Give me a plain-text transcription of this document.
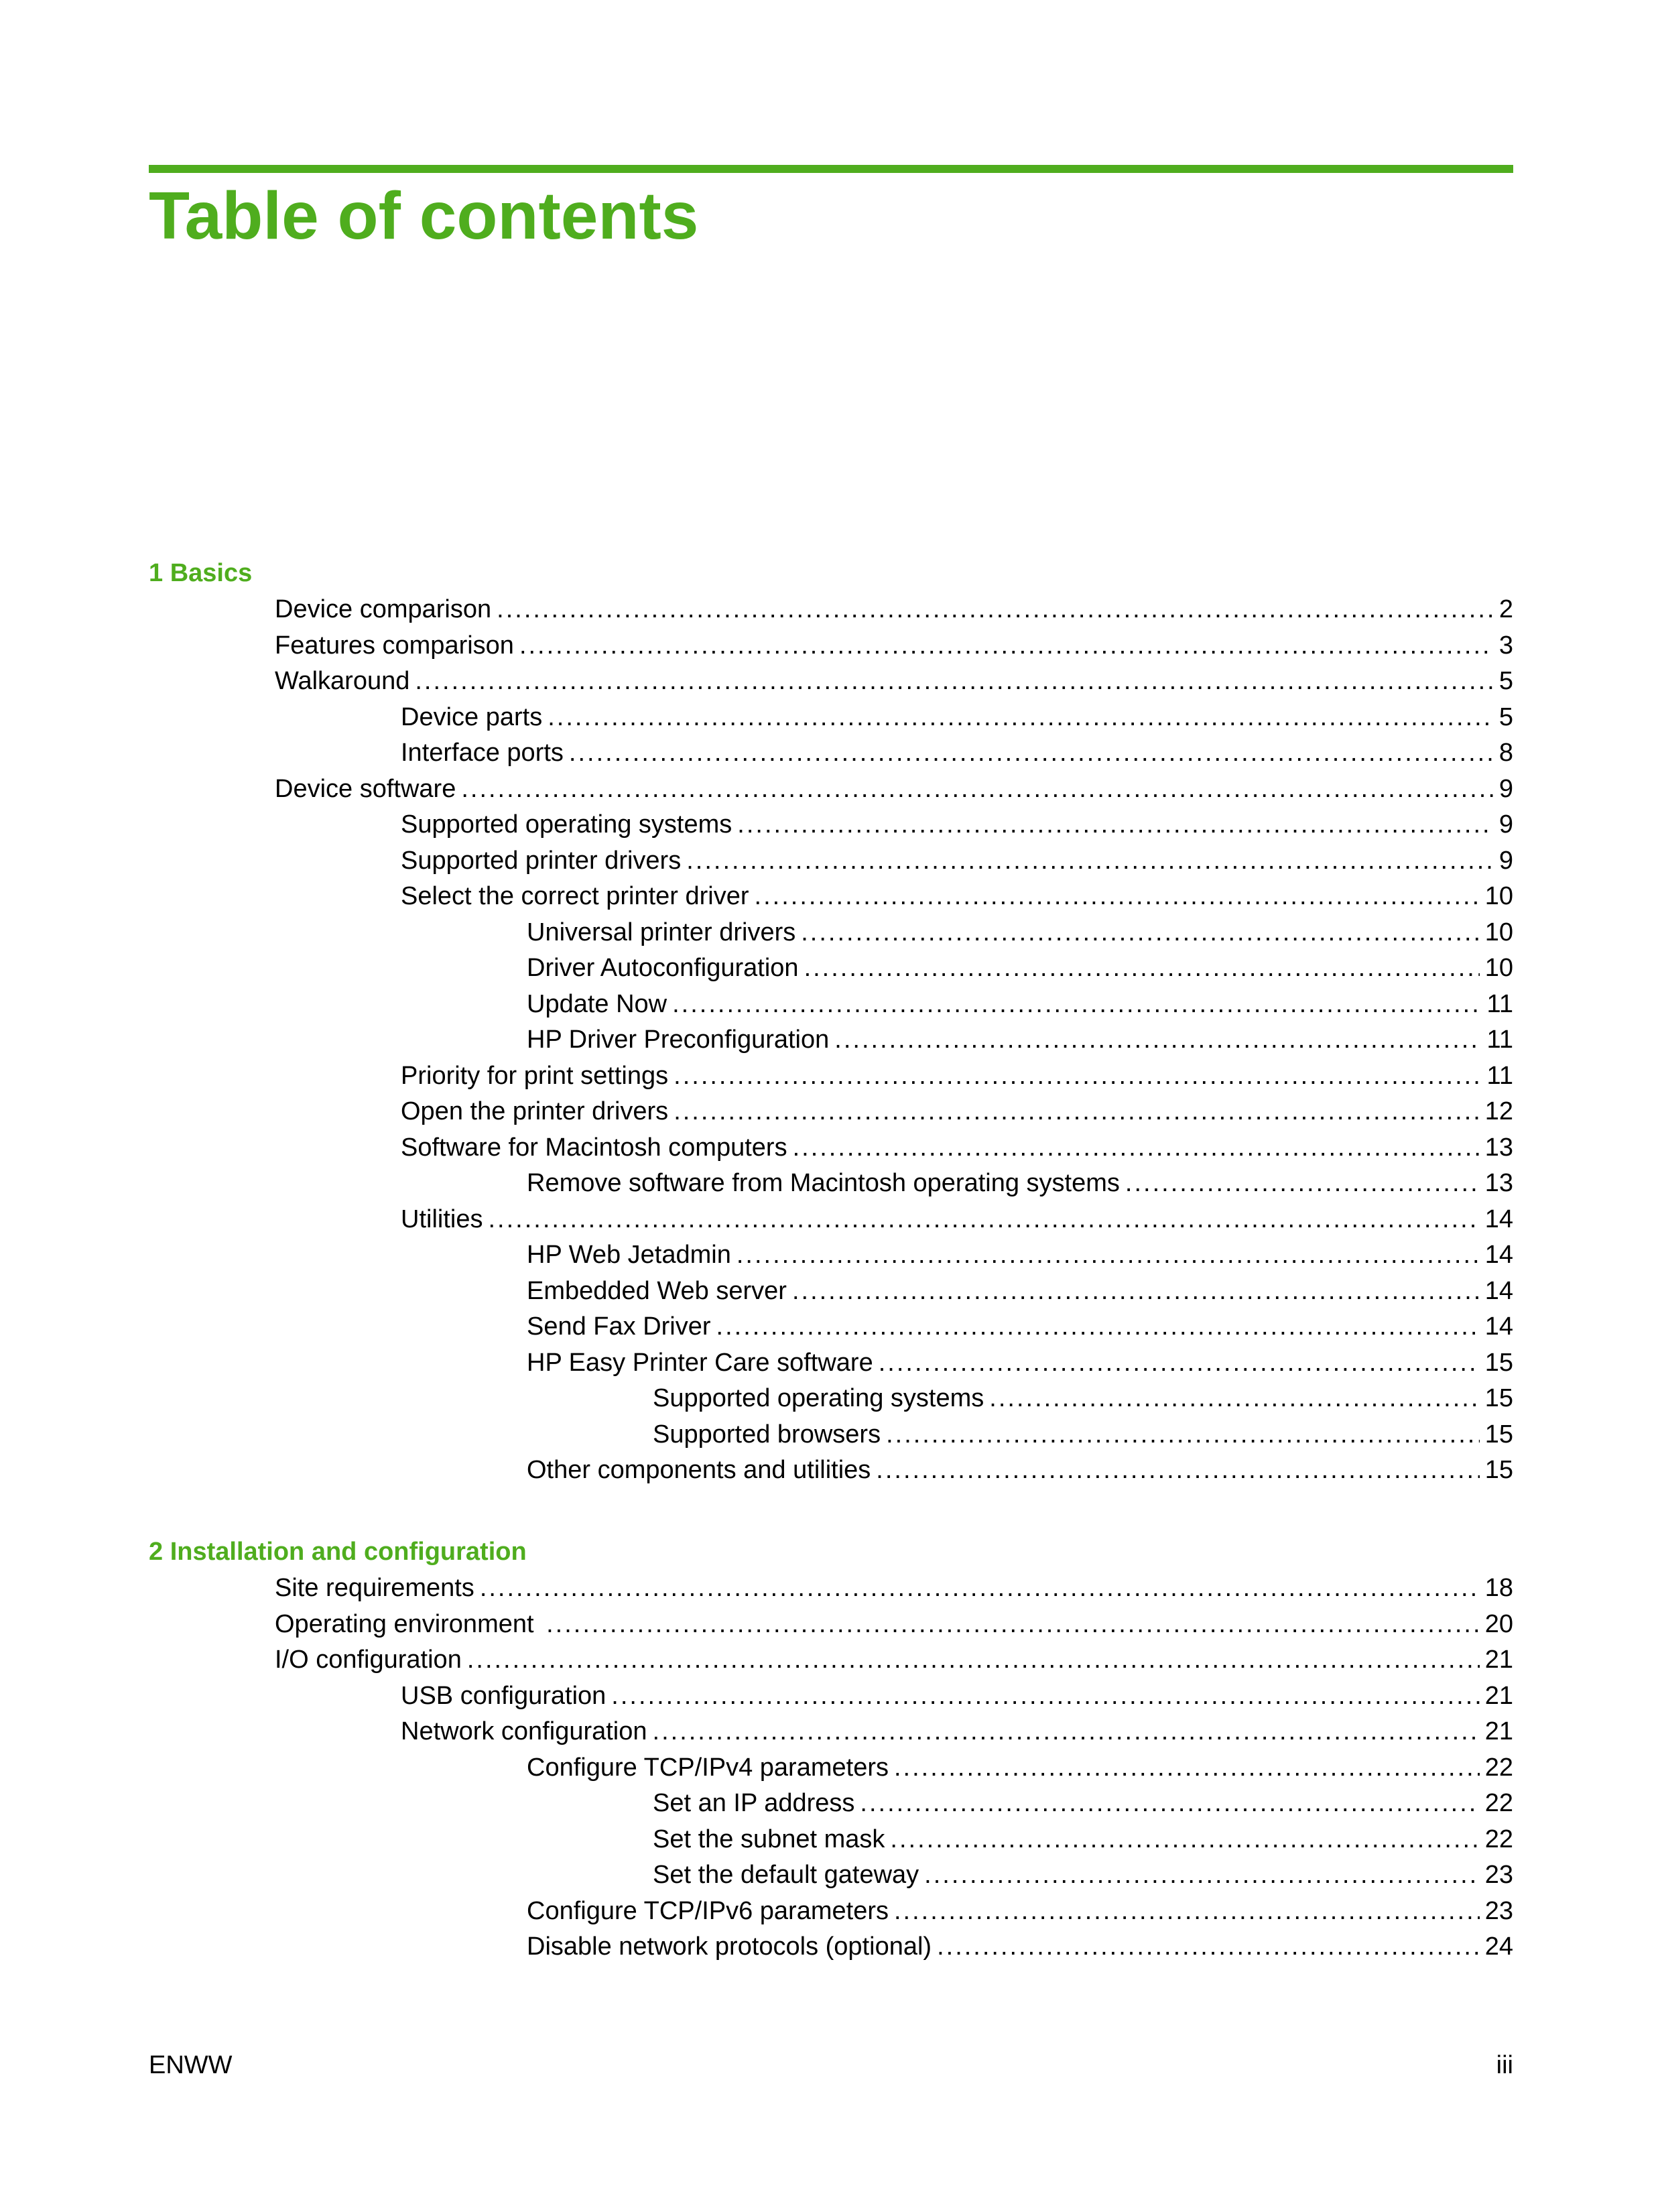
Table of contents
1 Basics
Device comparison .....	2
Features comparison .....	3
Walkaround .....	5
Device parts .....	5
Interface ports .....	8
Device software .....	9
Supported operating systems .....	9
Supported printer drivers .....	9
Select the correct printer driver .....	10
Universal printer drivers .....	10
Driver Autoconfiguration .....	10
Update Now .....	11
HP Driver Preconfiguration .....	11
Priority for print settings .....	11
Open the printer drivers .....	12
Software for Macintosh computers .....	13
Remove software from Macintosh operating systems .....	13
Utilities .....	14
HP Web Jetadmin .....	14
Embedded Web server .....	14
Send Fax Driver .....	14
HP Easy Printer Care software .....	15
Supported operating systems .....	15
Supported browsers .....	15
Other components and utilities .....	15
2 Installation and configuration
Site requirements .....	18
Operating environment .....	20
I/O configuration .....	21
USB configuration .....	21
Network configuration .....	21
Configure TCP/IPv4 parameters .....	22
Set an IP address .....	22
Set the subnet mask .....	22
Set the default gateway .....	23
Configure TCP/IPv6 parameters .....	23
Disable network protocols (optional) .....	24
ENWW	iii
